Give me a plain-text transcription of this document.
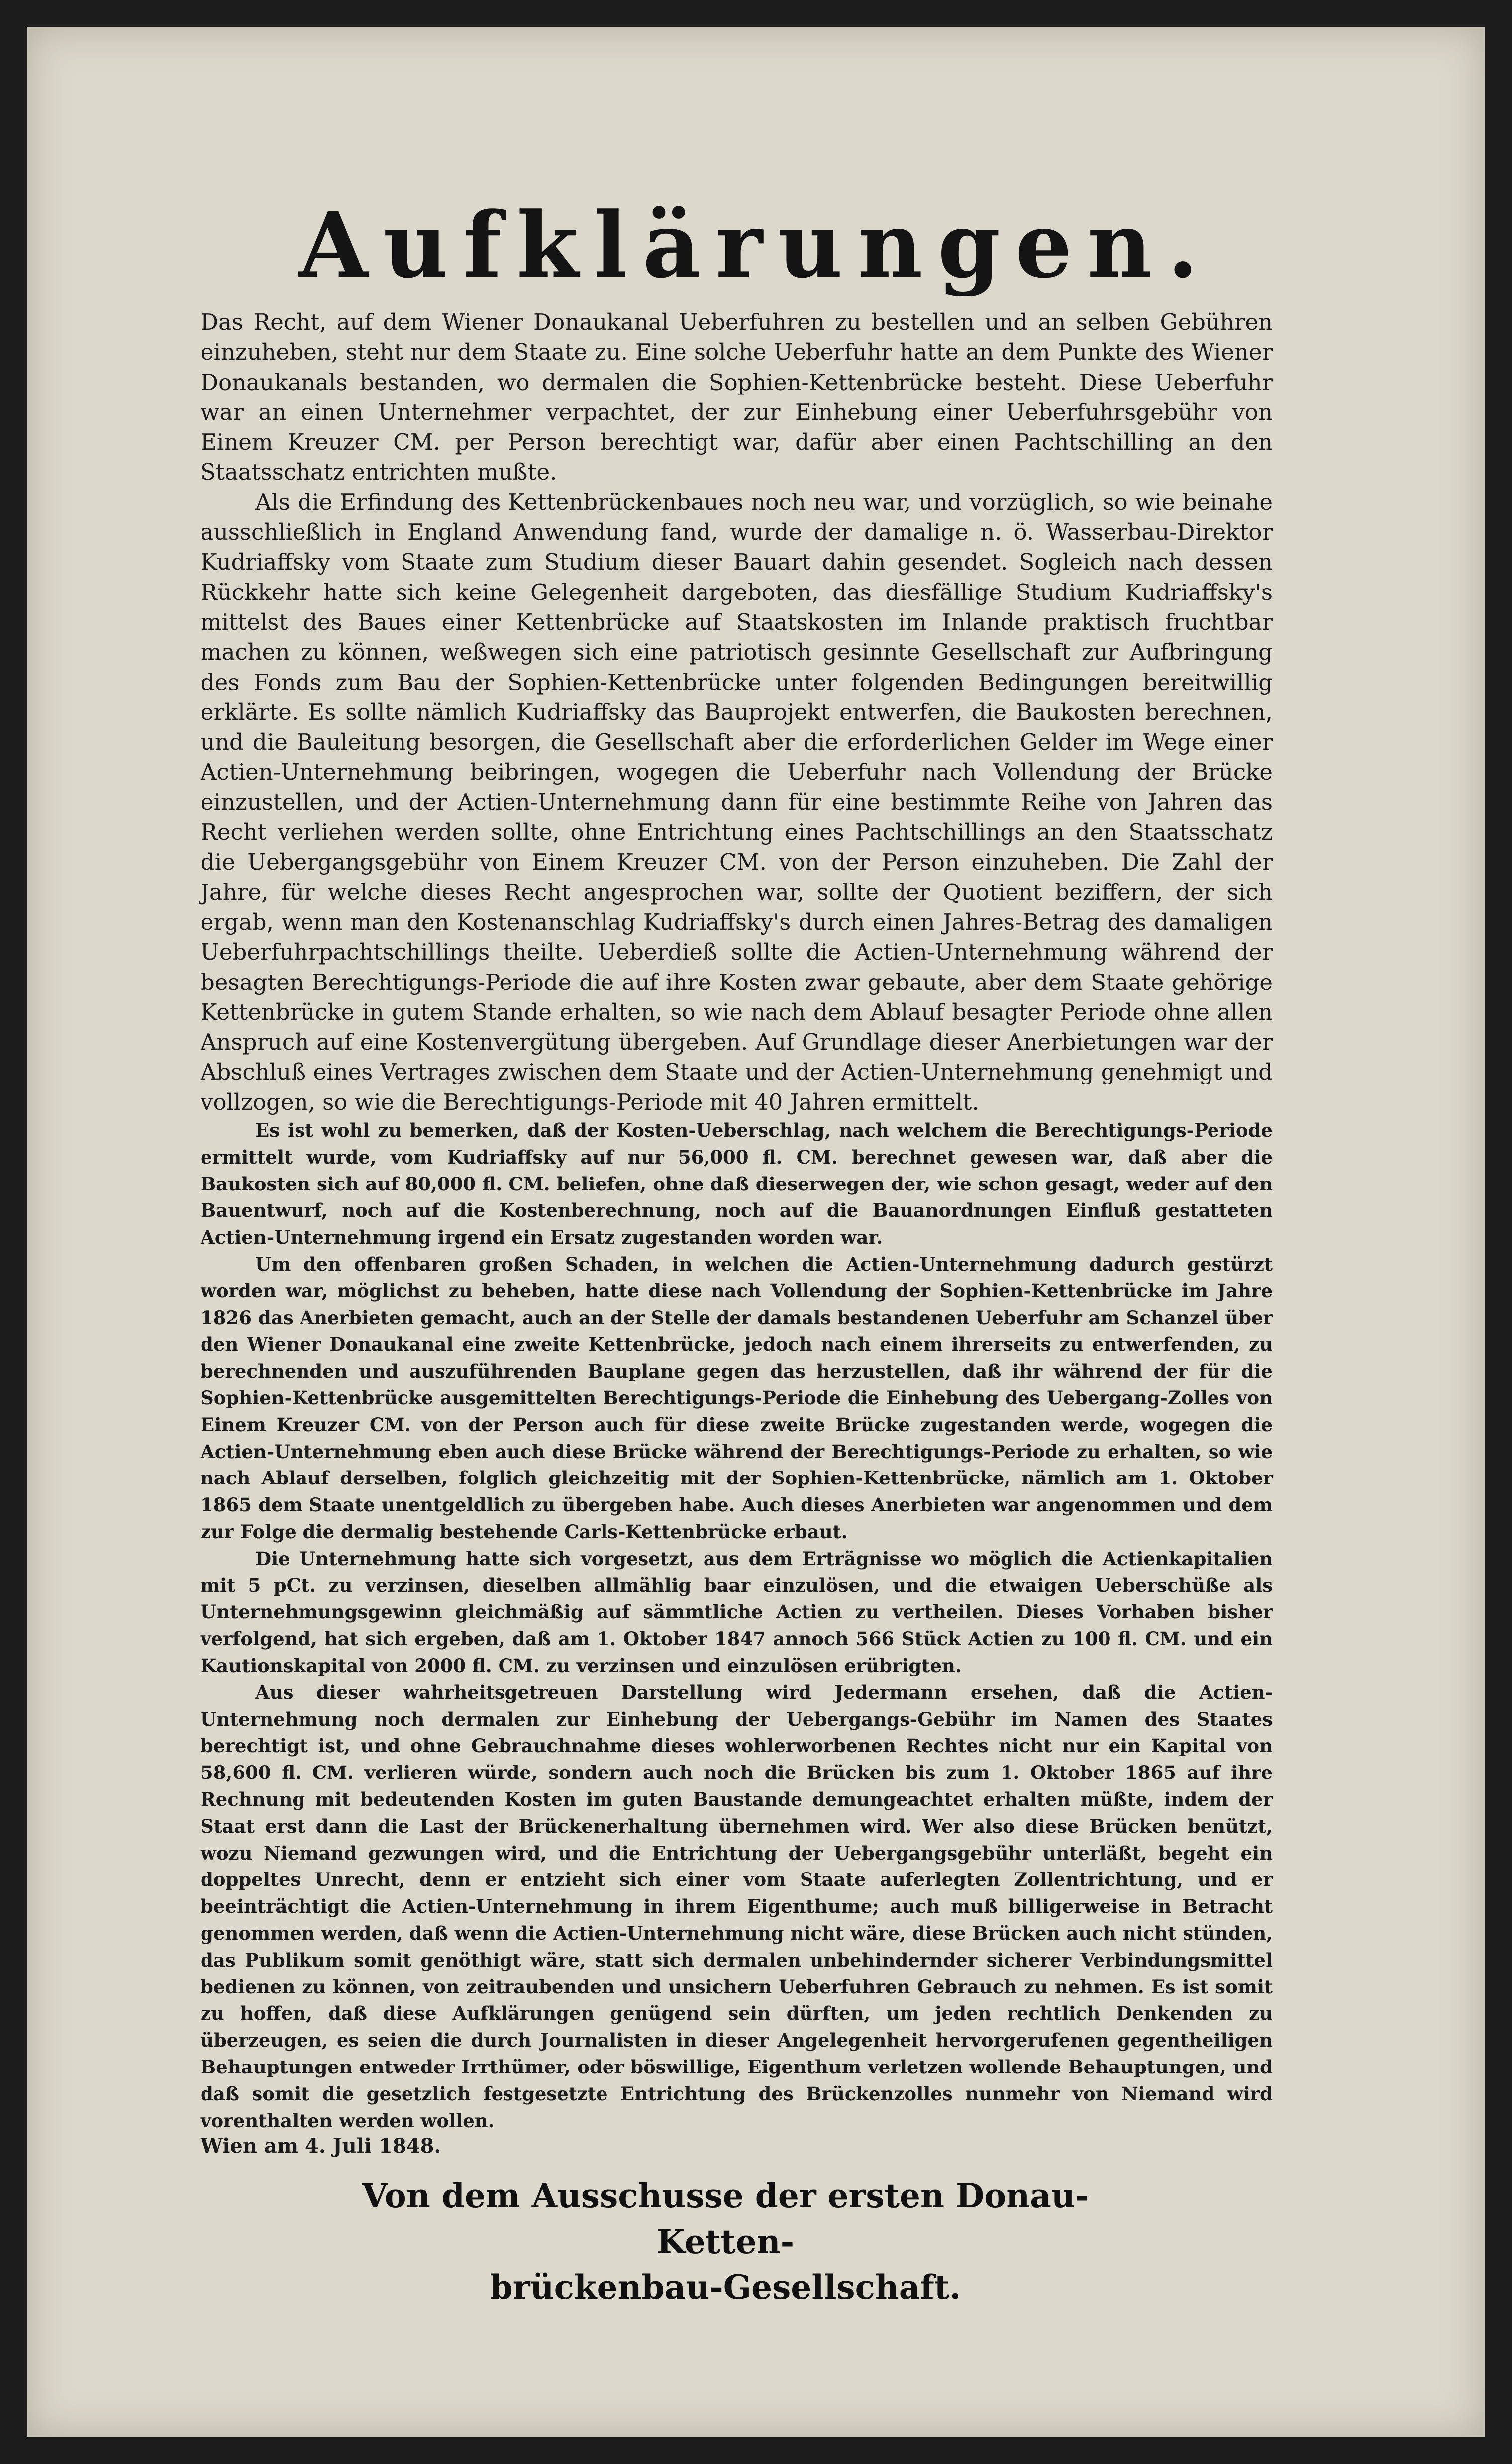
Aufklärungen.

Das Recht, auf dem Wiener Donaukanal Ueberfuhren zu bestellen und an selben Gebühren einzuheben, steht nur dem Staate zu. Eine solche Ueberfuhr hatte an dem Punkte des Wiener Donaukanals bestanden, wo dermalen die Sophien-Kettenbrücke besteht. Diese Ueberfuhr war an einen Unternehmer verpachtet, der zur Einhebung einer Ueberfuhrsgebühr von Einem Kreuzer CM. per Person berechtigt war, dafür aber einen Pachtschilling an den Staatsschatz entrichten mußte.

Als die Erfindung des Kettenbrückenbaues noch neu war, und vorzüglich, so wie beinahe ausschließlich in England Anwendung fand, wurde der damalige n. ö. Wasserbau-Direktor Kudriaffsky vom Staate zum Studium dieser Bauart dahin gesendet. Sogleich nach dessen Rückkehr hatte sich keine Gelegenheit dargeboten, das diesfällige Studium Kudriaffsky's mittelst des Baues einer Kettenbrücke auf Staatskosten im Inlande praktisch fruchtbar machen zu können, weßwegen sich eine patriotisch gesinnte Gesellschaft zur Aufbringung des Fonds zum Bau der Sophien-Kettenbrücke unter folgenden Bedingungen bereitwillig erklärte. Es sollte nämlich Kudriaffsky das Bauprojekt entwerfen, die Baukosten berechnen, und die Bauleitung besorgen, die Gesellschaft aber die erforderlichen Gelder im Wege einer Actien-Unternehmung beibringen, wogegen die Ueberfuhr nach Vollendung der Brücke einzustellen, und der Actien-Unternehmung dann für eine bestimmte Reihe von Jahren das Recht verliehen werden sollte, ohne Entrichtung eines Pachtschillings an den Staatsschatz die Uebergangsgebühr von Einem Kreuzer CM. von der Person einzuheben. Die Zahl der Jahre, für welche dieses Recht angesprochen war, sollte der Quotient beziffern, der sich ergab, wenn man den Kostenanschlag Kudriaffsky's durch einen Jahres-Betrag des damaligen Ueberfuhrpachtschillings theilte. Ueberdieß sollte die Actien-Unternehmung während der besagten Berechtigungs-Periode die auf ihre Kosten zwar gebaute, aber dem Staate gehörige Kettenbrücke in gutem Stande erhalten, so wie nach dem Ablauf besagter Periode ohne allen Anspruch auf eine Kostenvergütung übergeben. Auf Grundlage dieser Anerbietungen war der Abschluß eines Vertrages zwischen dem Staate und der Actien-Unternehmung genehmigt und vollzogen, so wie die Berechtigungs-Periode mit 40 Jahren ermittelt.

Es ist wohl zu bemerken, daß der Kosten-Ueberschlag, nach welchem die Berechtigungs-Periode ermittelt wurde, vom Kudriaffsky auf nur 56,000 fl. CM. berechnet gewesen war, daß aber die Baukosten sich auf 80,000 fl. CM. beliefen, ohne daß dieserwegen der, wie schon gesagt, weder auf den Bauentwurf, noch auf die Kostenberechnung, noch auf die Bauanordnungen Einfluß gestatteten Actien-Unternehmung irgend ein Ersatz zugestanden worden war.

Um den offenbaren großen Schaden, in welchen die Actien-Unternehmung dadurch gestürzt worden war, möglichst zu beheben, hatte diese nach Vollendung der Sophien-Kettenbrücke im Jahre 1826 das Anerbieten gemacht, auch an der Stelle der damals bestandenen Ueberfuhr am Schanzel über den Wiener Donaukanal eine zweite Kettenbrücke, jedoch nach einem ihrerseits zu entwerfenden, zu berechnenden und auszuführenden Bauplane gegen das herzustellen, daß ihr während der für die Sophien-Kettenbrücke ausgemittelten Berechtigungs-Periode die Einhebung des Uebergang-Zolles von Einem Kreuzer CM. von der Person auch für diese zweite Brücke zugestanden werde, wogegen die Actien-Unternehmung eben auch diese Brücke während der Berechtigungs-Periode zu erhalten, so wie nach Ablauf derselben, folglich gleichzeitig mit der Sophien-Kettenbrücke, nämlich am 1. Oktober 1865 dem Staate unentgeldlich zu übergeben habe. Auch dieses Anerbieten war angenommen und dem zur Folge die dermalig bestehende Carls-Kettenbrücke erbaut.

Die Unternehmung hatte sich vorgesetzt, aus dem Erträgnisse wo möglich die Actienkapitalien mit 5 pCt. zu verzinsen, dieselben allmählig baar einzulösen, und die etwaigen Ueberschüße als Unternehmungsgewinn gleichmäßig auf sämmtliche Actien zu vertheilen. Dieses Vorhaben bisher verfolgend, hat sich ergeben, daß am 1. Oktober 1847 annoch 566 Stück Actien zu 100 fl. CM. und ein Kautionskapital von 2000 fl. CM. zu verzinsen und einzulösen erübrigten.

Aus dieser wahrheitsgetreuen Darstellung wird Jedermann ersehen, daß die Actien-Unternehmung noch dermalen zur Einhebung der Uebergangs-Gebühr im Namen des Staates berechtigt ist, und ohne Gebrauchnahme dieses wohlerworbenen Rechtes nicht nur ein Kapital von 58,600 fl. CM. verlieren würde, sondern auch noch die Brücken bis zum 1. Oktober 1865 auf ihre Rechnung mit bedeutenden Kosten im guten Baustande demungeachtet erhalten müßte, indem der Staat erst dann die Last der Brückenerhaltung übernehmen wird. Wer also diese Brücken benützt, wozu Niemand gezwungen wird, und die Entrichtung der Uebergangsgebühr unterläßt, begeht ein doppeltes Unrecht, denn er entzieht sich einer vom Staate auferlegten Zollentrichtung, und er beeinträchtigt die Actien-Unternehmung in ihrem Eigenthume; auch muß billigerweise in Betracht genommen werden, daß wenn die Actien-Unternehmung nicht wäre, diese Brücken auch nicht stünden, das Publikum somit genöthigt wäre, statt sich dermalen unbehindernder sicherer Verbindungsmittel bedienen zu können, von zeitraubenden und unsichern Ueberfuhren Gebrauch zu nehmen. Es ist somit zu hoffen, daß diese Aufklärungen genügend sein dürften, um jeden rechtlich Denkenden zu überzeugen, es seien die durch Journalisten in dieser Angelegenheit hervorgerufenen gegentheiligen Behauptungen entweder Irrthümer, oder böswillige, Eigenthum verletzen wollende Behauptungen, und daß somit die gesetzlich festgesetzte Entrichtung des Brückenzolles nunmehr von Niemand wird vorenthalten werden wollen.

Wien am 4. Juli 1848.

Von dem Ausschusse der ersten Donau-Ketten-
brückenbau-Gesellschaft.
